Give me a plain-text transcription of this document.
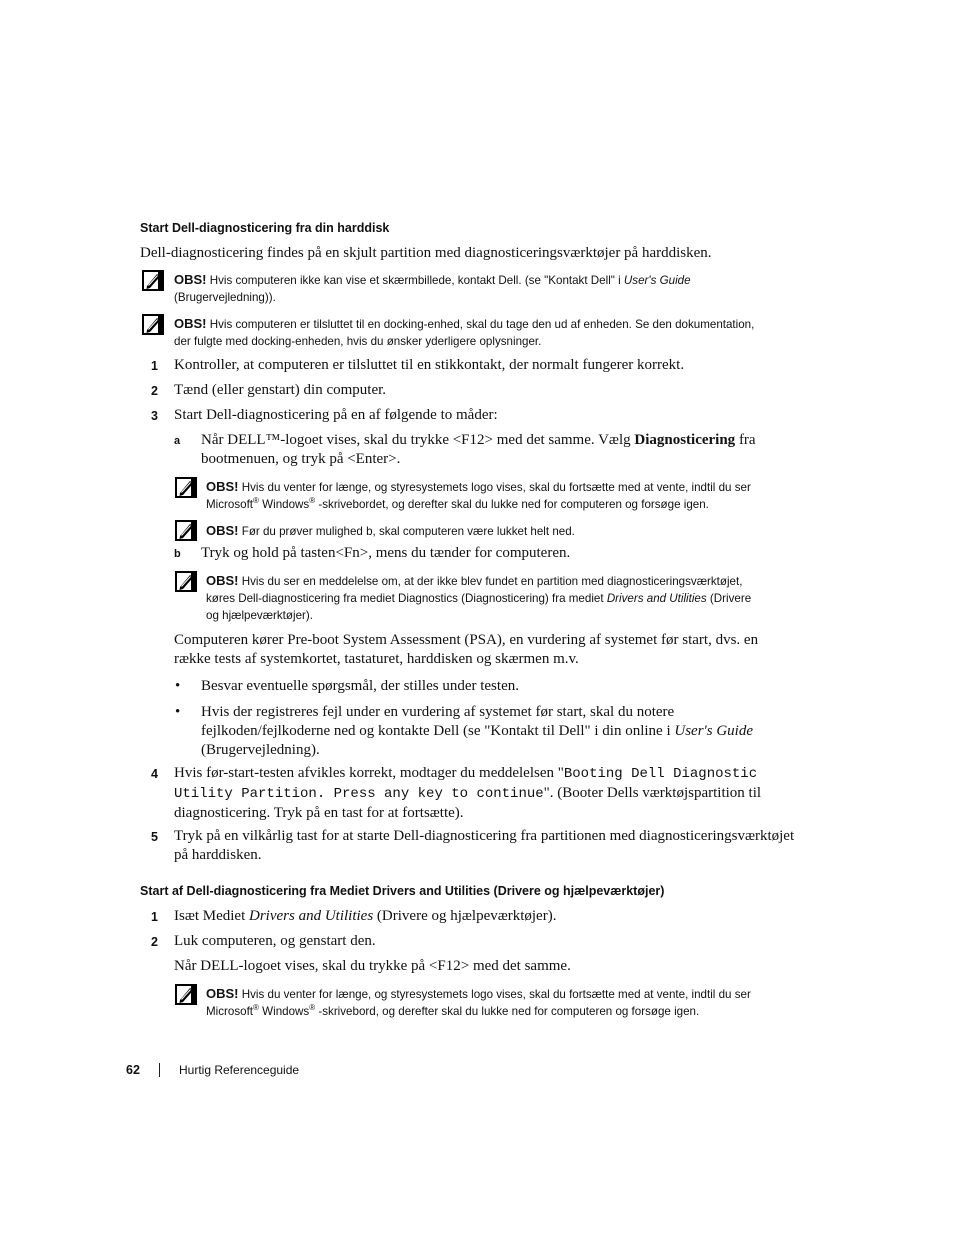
Start Dell-diagnosticering fra din harddisk
Dell-diagnosticering findes på en skjult partition med diagnosticeringsværktøjer på harddisken.
OBS! Hvis computeren ikke kan vise et skærmbillede, kontakt Dell. (se "Kontakt Dell" i User's Guide
(Brugervejledning)).
OBS! Hvis computeren er tilsluttet til en docking-enhed, skal du tage den ud af enheden. Se den dokumentation,
der fulgte med docking-enheden, hvis du ønsker yderligere oplysninger.
1 Kontroller, at computeren er tilsluttet til en stikkontakt, der normalt fungerer korrekt.
2 Tænd (eller genstart) din computer.
3 Start Dell-diagnosticering på en af følgende to måder:
a Når DELL™-logoet vises, skal du trykke <F12> med det samme. Vælg Diagnosticering fra
bootmenuen, og tryk på <Enter>.
OBS! Hvis du venter for længe, og styresystemets logo vises, skal du fortsætte med at vente, indtil du ser
Microsoft® Windows® -skrivebordet, og derefter skal du lukke ned for computeren og forsøge igen.
OBS! Før du prøver mulighed b, skal computeren være lukket helt ned.
b Tryk og hold på tasten<Fn>, mens du tænder for computeren.
OBS! Hvis du ser en meddelelse om, at der ikke blev fundet en partition med diagnosticeringsværktøjet,
køres Dell-diagnosticering fra mediet Diagnostics (Diagnosticering) fra mediet Drivers and Utilities (Drivere
og hjælpeværktøjer).
Computeren kører Pre-boot System Assessment (PSA), en vurdering af systemet før start, dvs. en
række tests af systemkortet, tastaturet, harddisken og skærmen m.v.
• Besvar eventuelle spørgsmål, der stilles under testen.
• Hvis der registreres fejl under en vurdering af systemet før start, skal du notere
fejlkoden/fejlkoderne ned og kontakte Dell (se "Kontakt til Dell" i din online i User's Guide
(Brugervejledning).
4 Hvis før-start-testen afvikles korrekt, modtager du meddelelsen "Booting Dell Diagnostic
Utility Partition. Press any key to continue". (Booter Dells værktøjspartition til
diagnosticering. Tryk på en tast for at fortsætte).
5 Tryk på en vilkårlig tast for at starte Dell-diagnosticering fra partitionen med diagnosticeringsværktøjet
på harddisken.
Start af Dell-diagnosticering fra Mediet Drivers and Utilities (Drivere og hjælpeværktøjer)
1 Isæt Mediet Drivers and Utilities (Drivere og hjælpeværktøjer).
2 Luk computeren, og genstart den.
Når DELL-logoet vises, skal du trykke på <F12> med det samme.
OBS! Hvis du venter for længe, og styresystemets logo vises, skal du fortsætte med at vente, indtil du ser
Microsoft® Windows® -skrivebord, og derefter skal du lukke ned for computeren og forsøge igen.
62	Hurtig Referenceguide
